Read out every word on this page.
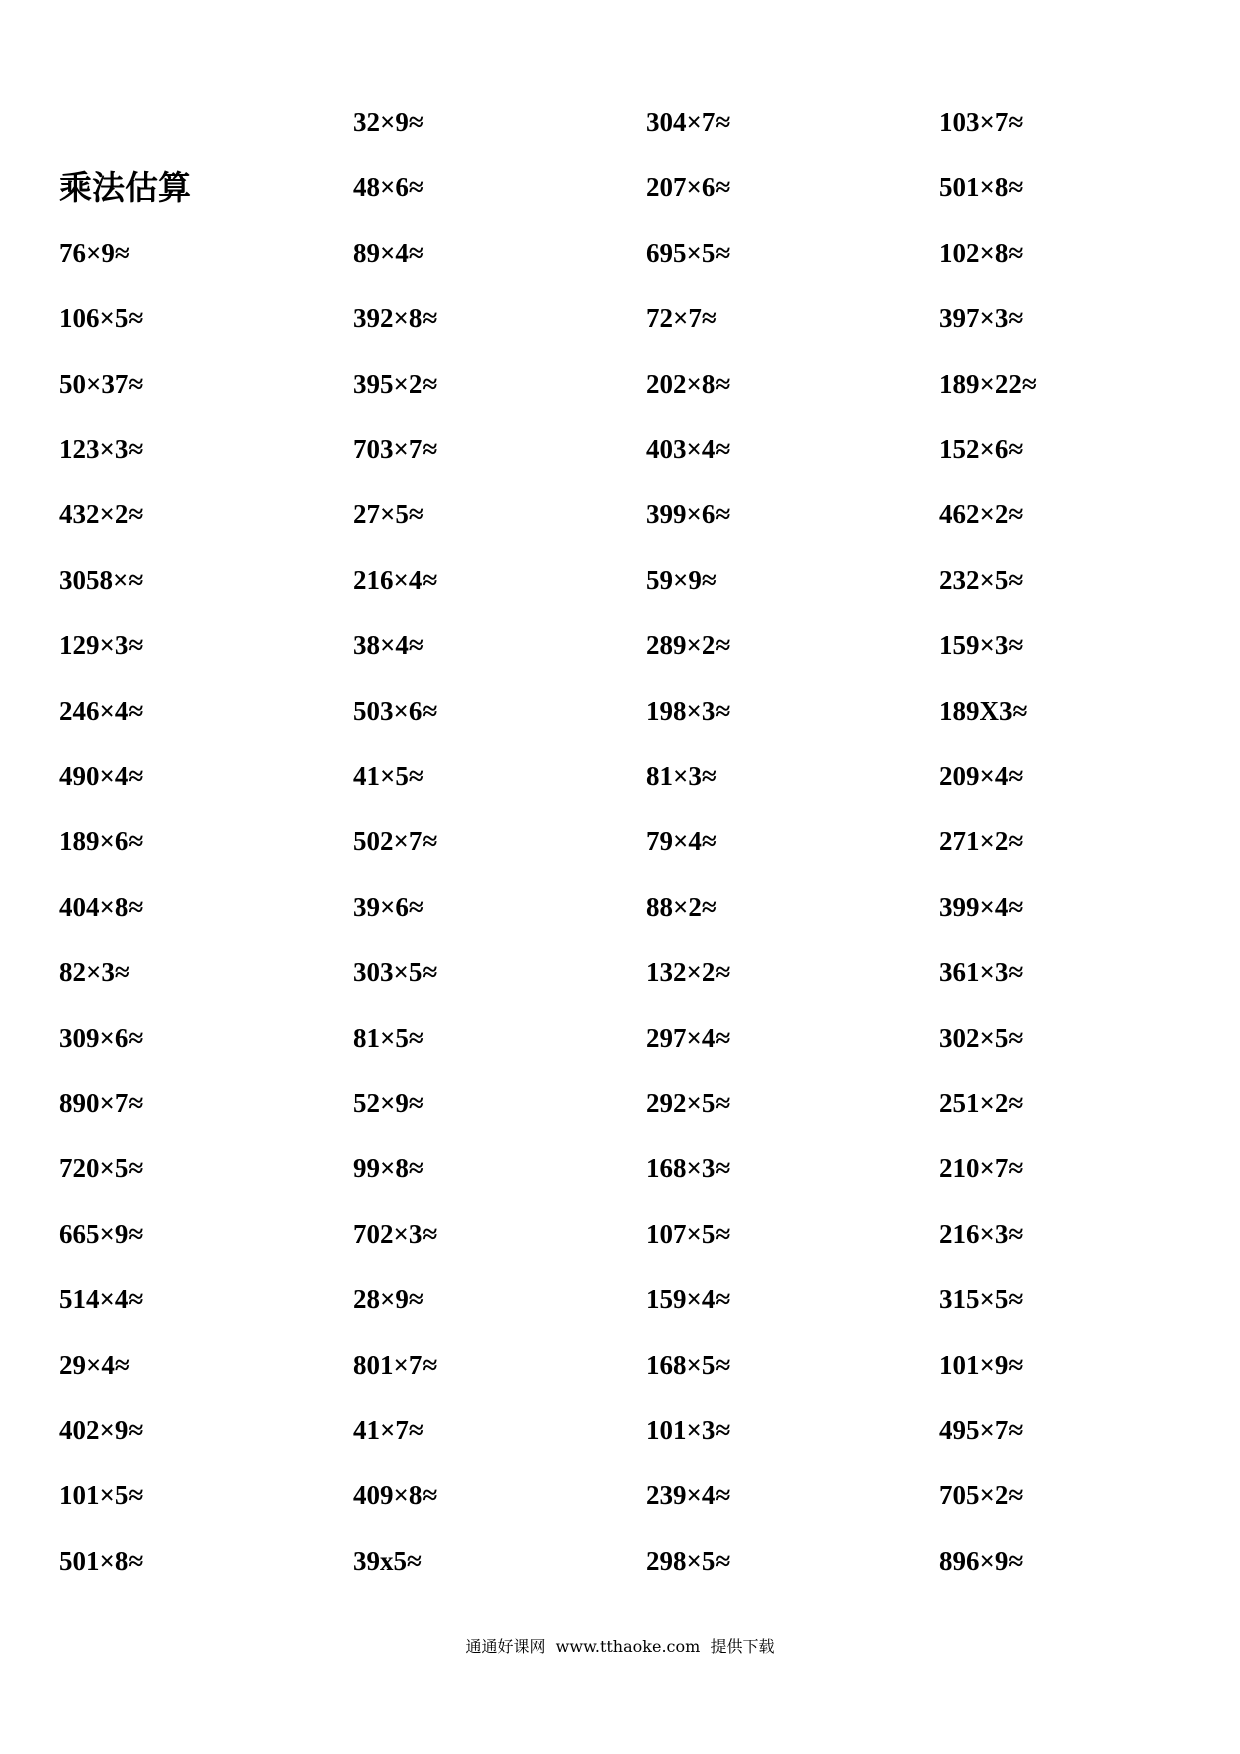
乘法估算
76×9≈
106×5≈
50×37≈
123×3≈
432×2≈
3058×≈
129×3≈
246×4≈
490×4≈
189×6≈
404×8≈
82×3≈
309×6≈
890×7≈
720×5≈
665×9≈
514×4≈
29×4≈
402×9≈
101×5≈
501×8≈
32×9≈
48×6≈
89×4≈
392×8≈
395×2≈
703×7≈
27×5≈
216×4≈
38×4≈
503×6≈
41×5≈
502×7≈
39×6≈
303×5≈
81×5≈
52×9≈
99×8≈
702×3≈
28×9≈
801×7≈
41×7≈
409×8≈
39x5≈
304×7≈
207×6≈
695×5≈
72×7≈
202×8≈
403×4≈
399×6≈
59×9≈
289×2≈
198×3≈
81×3≈
79×4≈
88×2≈
132×2≈
297×4≈
292×5≈
168×3≈
107×5≈
159×4≈
168×5≈
101×3≈
239×4≈
298×5≈
103×7≈
501×8≈
102×8≈
397×3≈
189×22≈
152×6≈
462×2≈
232×5≈
159×3≈
189X3≈
209×4≈
271×2≈
399×4≈
361×3≈
302×5≈
251×2≈
210×7≈
216×3≈
315×5≈
101×9≈
495×7≈
705×2≈
896×9≈
通通好课网  www.tthaoke.com  提供下载
